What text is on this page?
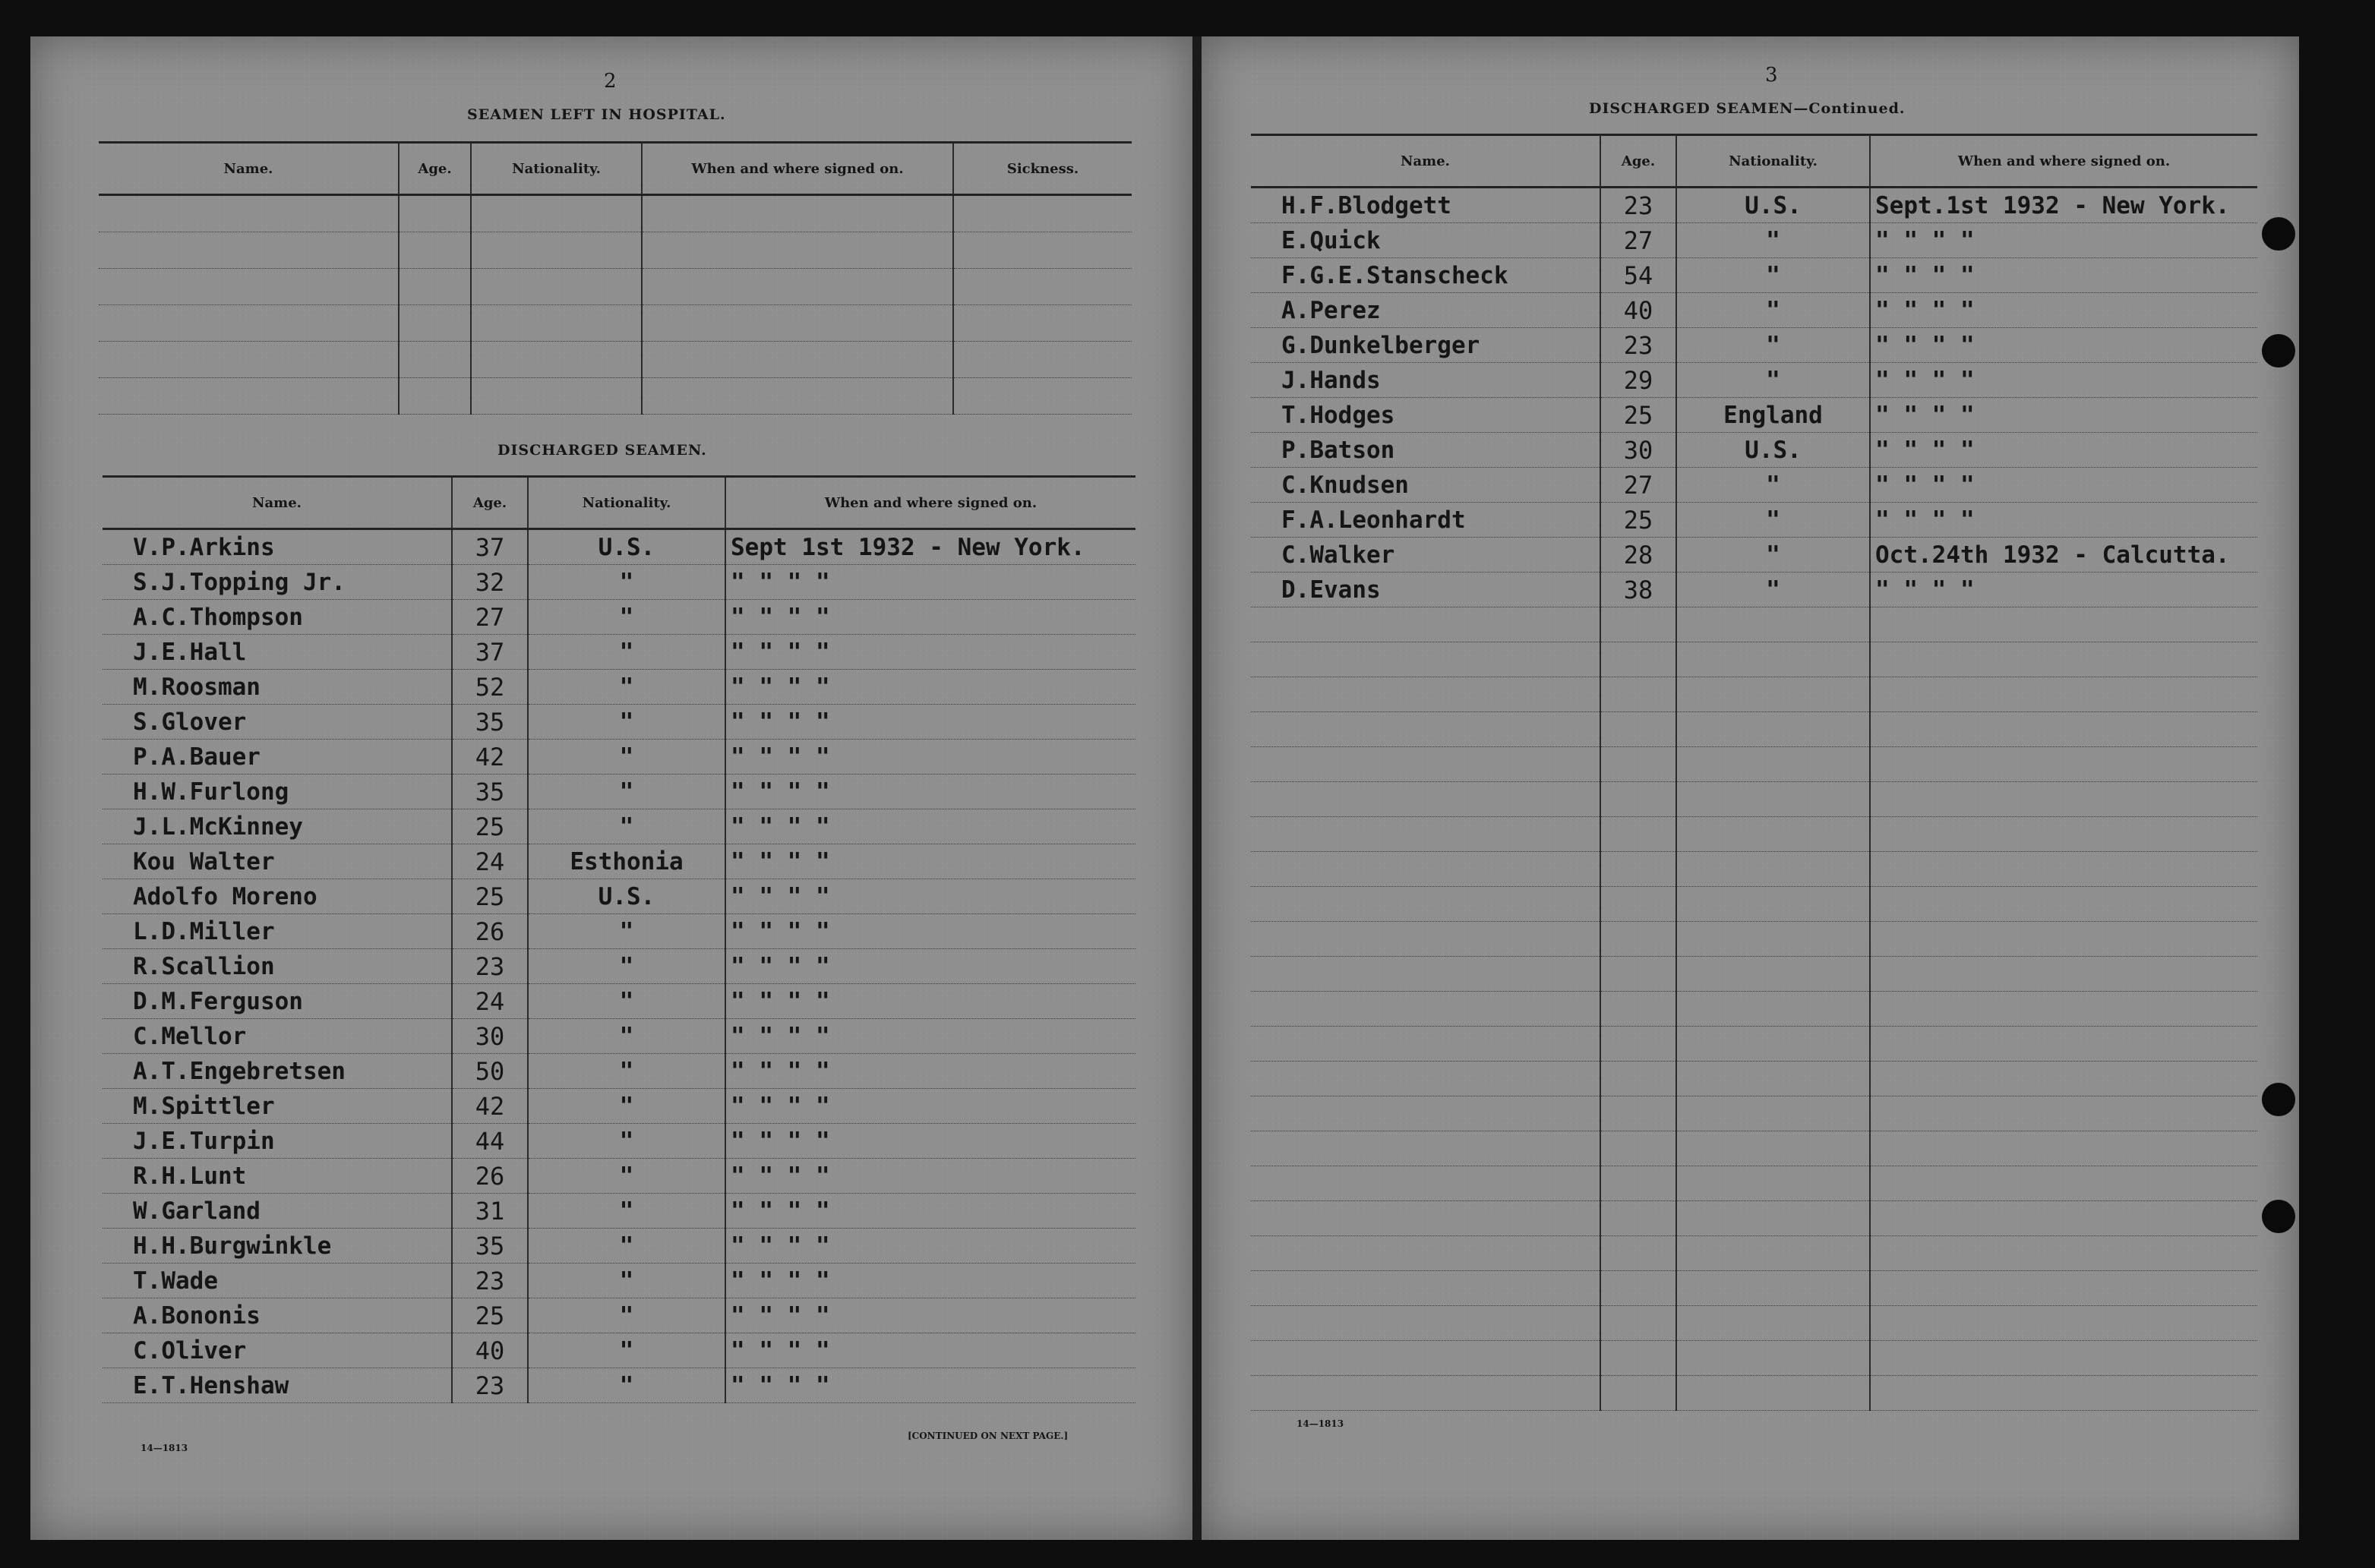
2
SEAMEN LEFT IN HOSPITAL.
Name.	Age.	Nationality.	When and where signed on.	Sickness.

DISCHARGED SEAMEN.
Name.	Age.	Nationality.	When and where signed on.
V.P.Arkins	37	U.S.	Sept 1st 1932 - New York.
S.J.Topping Jr.	32	"	" " " "
A.C.Thompson	27	"	" " " "
J.E.Hall	37	"	" " " "
M.Roosman	52	"	" " " "
S.Glover	35	"	" " " "
P.A.Bauer	42	"	" " " "
H.W.Furlong	35	"	" " " "
J.L.McKinney	25	"	" " " "
Kou Walter	24	Esthonia	" " " "
Adolfo Moreno	25	U.S.	" " " "
L.D.Miller	26	"	" " " "
R.Scallion	23	"	" " " "
D.M.Ferguson	24	"	" " " "
C.Mellor	30	"	" " " "
A.T.Engebretsen	50	"	" " " "
M.Spittler	42	"	" " " "
J.E.Turpin	44	"	" " " "
R.H.Lunt	26	"	" " " "
W.Garland	31	"	" " " "
H.H.Burgwinkle	35	"	" " " "
T.Wade	23	"	" " " "
A.Bononis	25	"	" " " "
C.Oliver	40	"	" " " "
E.T.Henshaw	23	"	" " " "
14—1813
[CONTINUED ON NEXT PAGE.]
3
DISCHARGED SEAMEN—Continued.
Name.	Age.	Nationality.	When and where signed on.
H.F.Blodgett	23	U.S.	Sept.1st 1932 - New York.
E.Quick	27	"	" " " "
F.G.E.Stanscheck	54	"	" " " "
A.Perez	40	"	" " " "
G.Dunkelberger	23	"	" " " "
J.Hands	29	"	" " " "
T.Hodges	25	England	" " " "
P.Batson	30	U.S.	" " " "
C.Knudsen	27	"	" " " "
F.A.Leonhardt	25	"	" " " "
C.Walker	28	"	Oct.24th 1932 - Calcutta.
D.Evans	38	"	" " " "

14—1813
